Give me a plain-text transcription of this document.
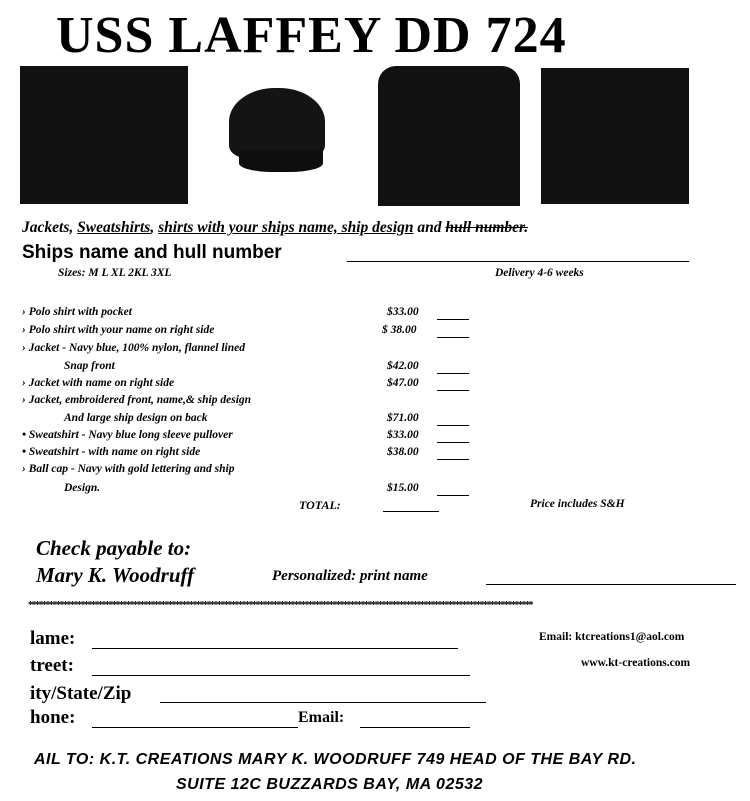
USS LAFFEY DD 724
Jackets, Sweatshirts, shirts with your ships name, ship design and hull number.
Ships name and hull number
Sizes: M L XL 2KL 3XL	Delivery 4-6 weeks
› Polo shirt with pocket	$33.00
› Polo shirt with your name on right side	$ 38.00
› Jacket - Navy blue, 100% nylon, flannel lined
Snap front	$42.00
› Jacket with name on right side	$47.00
› Jacket, embroidered front, name,& ship design
And large ship design on back	$71.00
• Sweatshirt - Navy blue long sleeve pullover	$33.00
• Sweatshirt - with name on right side	$38.00
› Ball cap - Navy with gold lettering and ship
Design.	$15.00
TOTAL:	Price includes S&H
Check payable to:
Mary K. Woodruff	Personalized: print name
************************************************************************************************************************************************
lame:
treet:
ity/State/Zip
hone:	Email:
Email: ktcreations1@aol.com
www.kt-creations.com
AIL TO: K.T. CREATIONS MARY K. WOODRUFF 749 HEAD OF THE BAY RD.
SUITE 12C BUZZARDS BAY, MA 02532
